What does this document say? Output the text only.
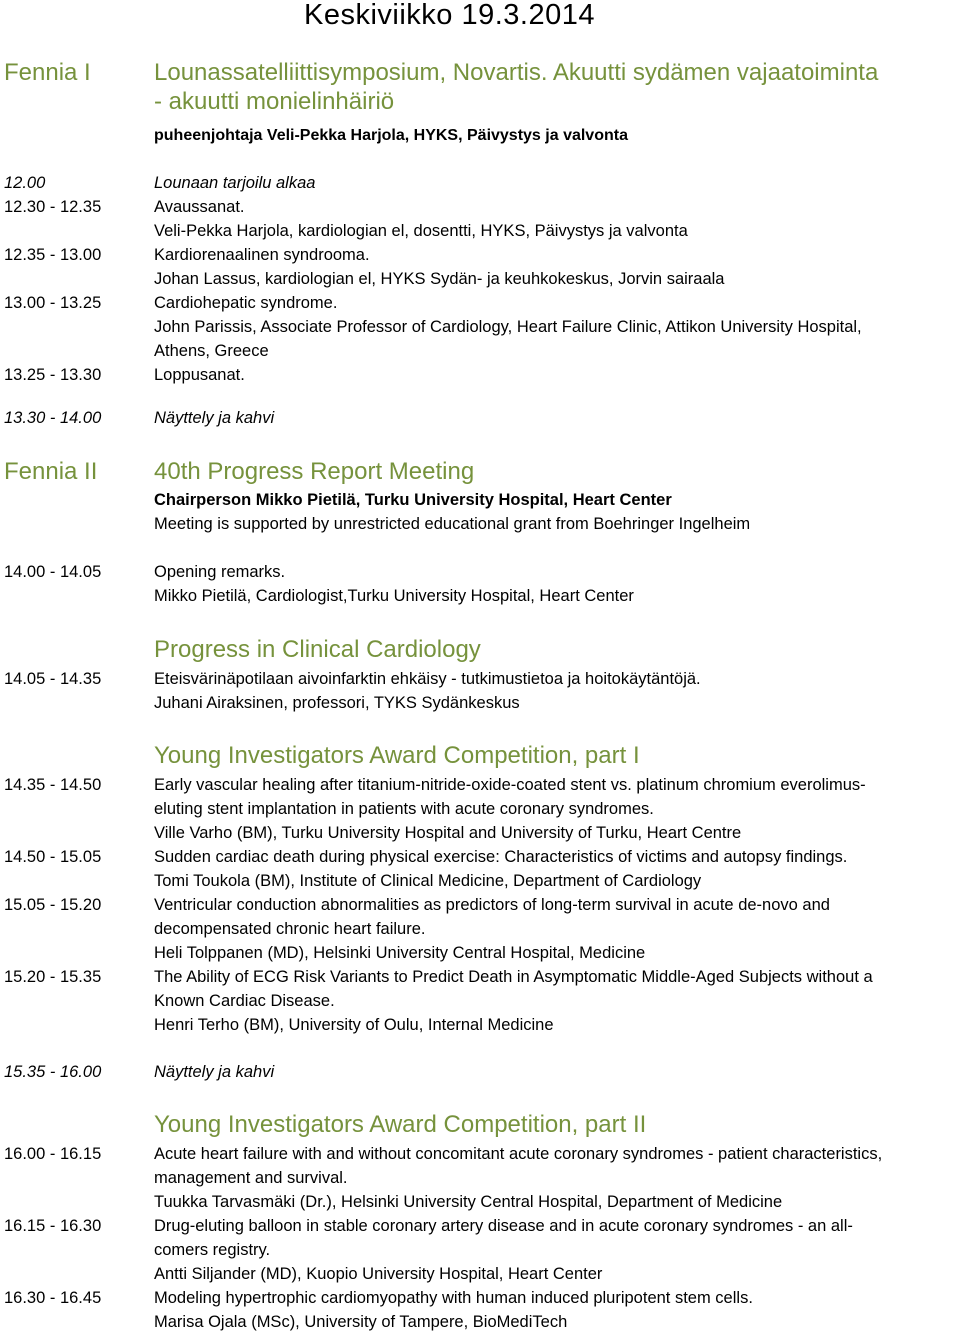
Keskiviikko 19.3.2014
Fennia I	Lounassatelliittisymposium, Novartis. Akuutti sydämen vajaatoiminta
- akuutti monielinhäiriö
puheenjohtaja Veli-Pekka Harjola, HYKS, Päivystys ja valvonta
12.00	Lounaan tarjoilu alkaa
12.30 - 12.35	Avaussanat.
Veli-Pekka Harjola, kardiologian el, dosentti, HYKS, Päivystys ja valvonta
12.35 - 13.00	Kardiorenaalinen syndrooma.
Johan Lassus, kardiologian el, HYKS Sydän- ja keuhkokeskus, Jorvin sairaala
13.00 - 13.25	Cardiohepatic syndrome.
John Parissis, Associate Professor of Cardiology, Heart Failure Clinic, Attikon University Hospital,
Athens, Greece
13.25 - 13.30	Loppusanat.
13.30 - 14.00	Näyttely ja kahvi
Fennia II 40th Progress Report Meeting
Chairperson Mikko Pietilä, Turku University Hospital, Heart Center
Meeting is supported by unrestricted educational grant from Boehringer Ingelheim
14.00 - 14.05	Opening remarks.
Mikko Pietilä, Cardiologist,Turku University Hospital, Heart Center
Progress in Clinical Cardiology
14.05 - 14.35	Eteisvärinäpotilaan aivoinfarktin ehkäisy - tutkimustietoa ja hoitokäytäntöjä.
Juhani Airaksinen, professori, TYKS Sydänkeskus
Young Investigators Award Competition, part I
14.35 - 14.50	Early vascular healing after titanium-nitride-oxide-coated stent vs. platinum chromium everolimus-
eluting stent implantation in patients with acute coronary syndromes.
Ville Varho (BM), Turku University Hospital and University of Turku, Heart Centre
14.50 - 15.05	Sudden cardiac death during physical exercise: Characteristics of victims and autopsy findings.
Tomi Toukola (BM), Institute of Clinical Medicine, Department of Cardiology
15.05 - 15.20	Ventricular conduction abnormalities as predictors of long-term survival in acute de-novo and
decompensated chronic heart failure.
Heli Tolppanen (MD), Helsinki University Central Hospital, Medicine
15.20 - 15.35	The Ability of ECG Risk Variants to Predict Death in Asymptomatic Middle-Aged Subjects without a
Known Cardiac Disease.
Henri Terho (BM), University of Oulu, Internal Medicine
15.35 - 16.00	Näyttely ja kahvi
Young Investigators Award Competition, part II
16.00 - 16.15	Acute heart failure with and without concomitant acute coronary syndromes - patient characteristics,
management and survival.
Tuukka Tarvasmäki (Dr.), Helsinki University Central Hospital, Department of Medicine
16.15 - 16.30	Drug-eluting balloon in stable coronary artery disease and in acute coronary syndromes - an all-
comers registry.
Antti Siljander (MD), Kuopio University Hospital, Heart Center
16.30 - 16.45	Modeling hypertrophic cardiomyopathy with human induced pluripotent stem cells.
Marisa Ojala (MSc), University of Tampere, BioMediTech
